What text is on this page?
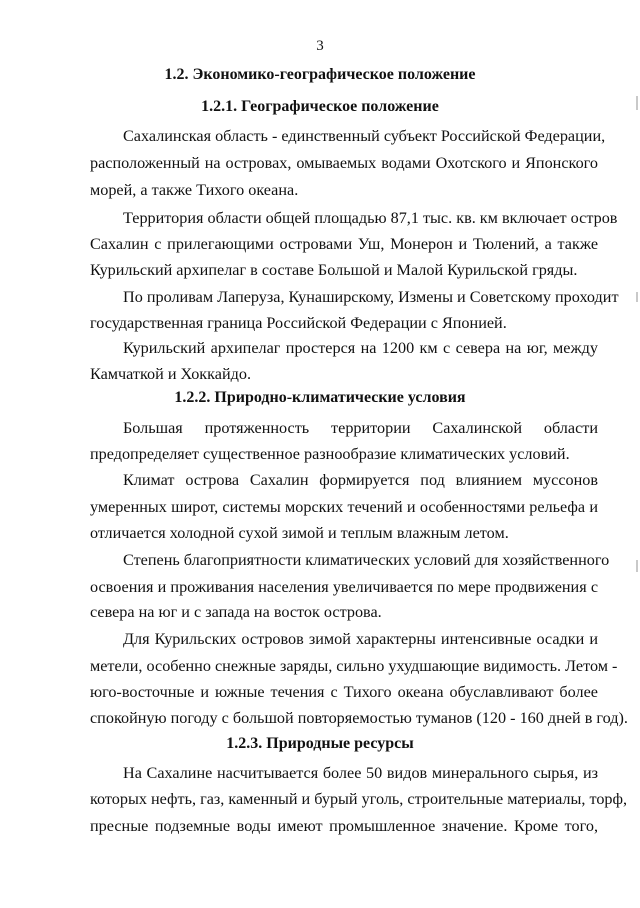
3
1.2. Экономико-географическое положение
1.2.1. Географическое положение
Сахалинская область - единственный субъект Российской Федерации,
расположенный на островах, омываемых водами Охотского и Японского
морей, а также Тихого океана.
Территория области общей площадью 87,1 тыс. кв. км включает остров
Сахалин с прилегающими островами Уш, Монерон и Тюлений, а также
Курильский архипелаг в составе Большой и Малой Курильской гряды.
По проливам Лаперуза, Кунаширскому, Измены и Советскому проходит
государственная граница Российской Федерации с Японией.
Курильский архипелаг простерся на 1200 км с севера на юг, между
Камчаткой и Хоккайдо.
1.2.2. Природно-климатические условия
Большая протяженность территории Сахалинской области
предопределяет существенное разнообразие климатических условий.
Климат острова Сахалин формируется под влиянием муссонов
умеренных широт, системы морских течений и особенностями рельефа и
отличается холодной сухой зимой и теплым влажным летом.
Степень благоприятности климатических условий для хозяйственного
освоения и проживания населения увеличивается по мере продвижения с
севера на юг и с запада на восток острова.
Для Курильских островов зимой характерны интенсивные осадки и
метели, особенно снежные заряды, сильно ухудшающие видимость. Летом -
юго-восточные и южные течения с Тихого океана обуславливают более
спокойную погоду с большой повторяемостью туманов (120 - 160 дней в год).
1.2.3. Природные ресурсы
На Сахалине насчитывается более 50 видов минерального сырья, из
которых нефть, газ, каменный и бурый уголь, строительные материалы, торф,
пресные подземные воды имеют промышленное значение. Кроме того,
